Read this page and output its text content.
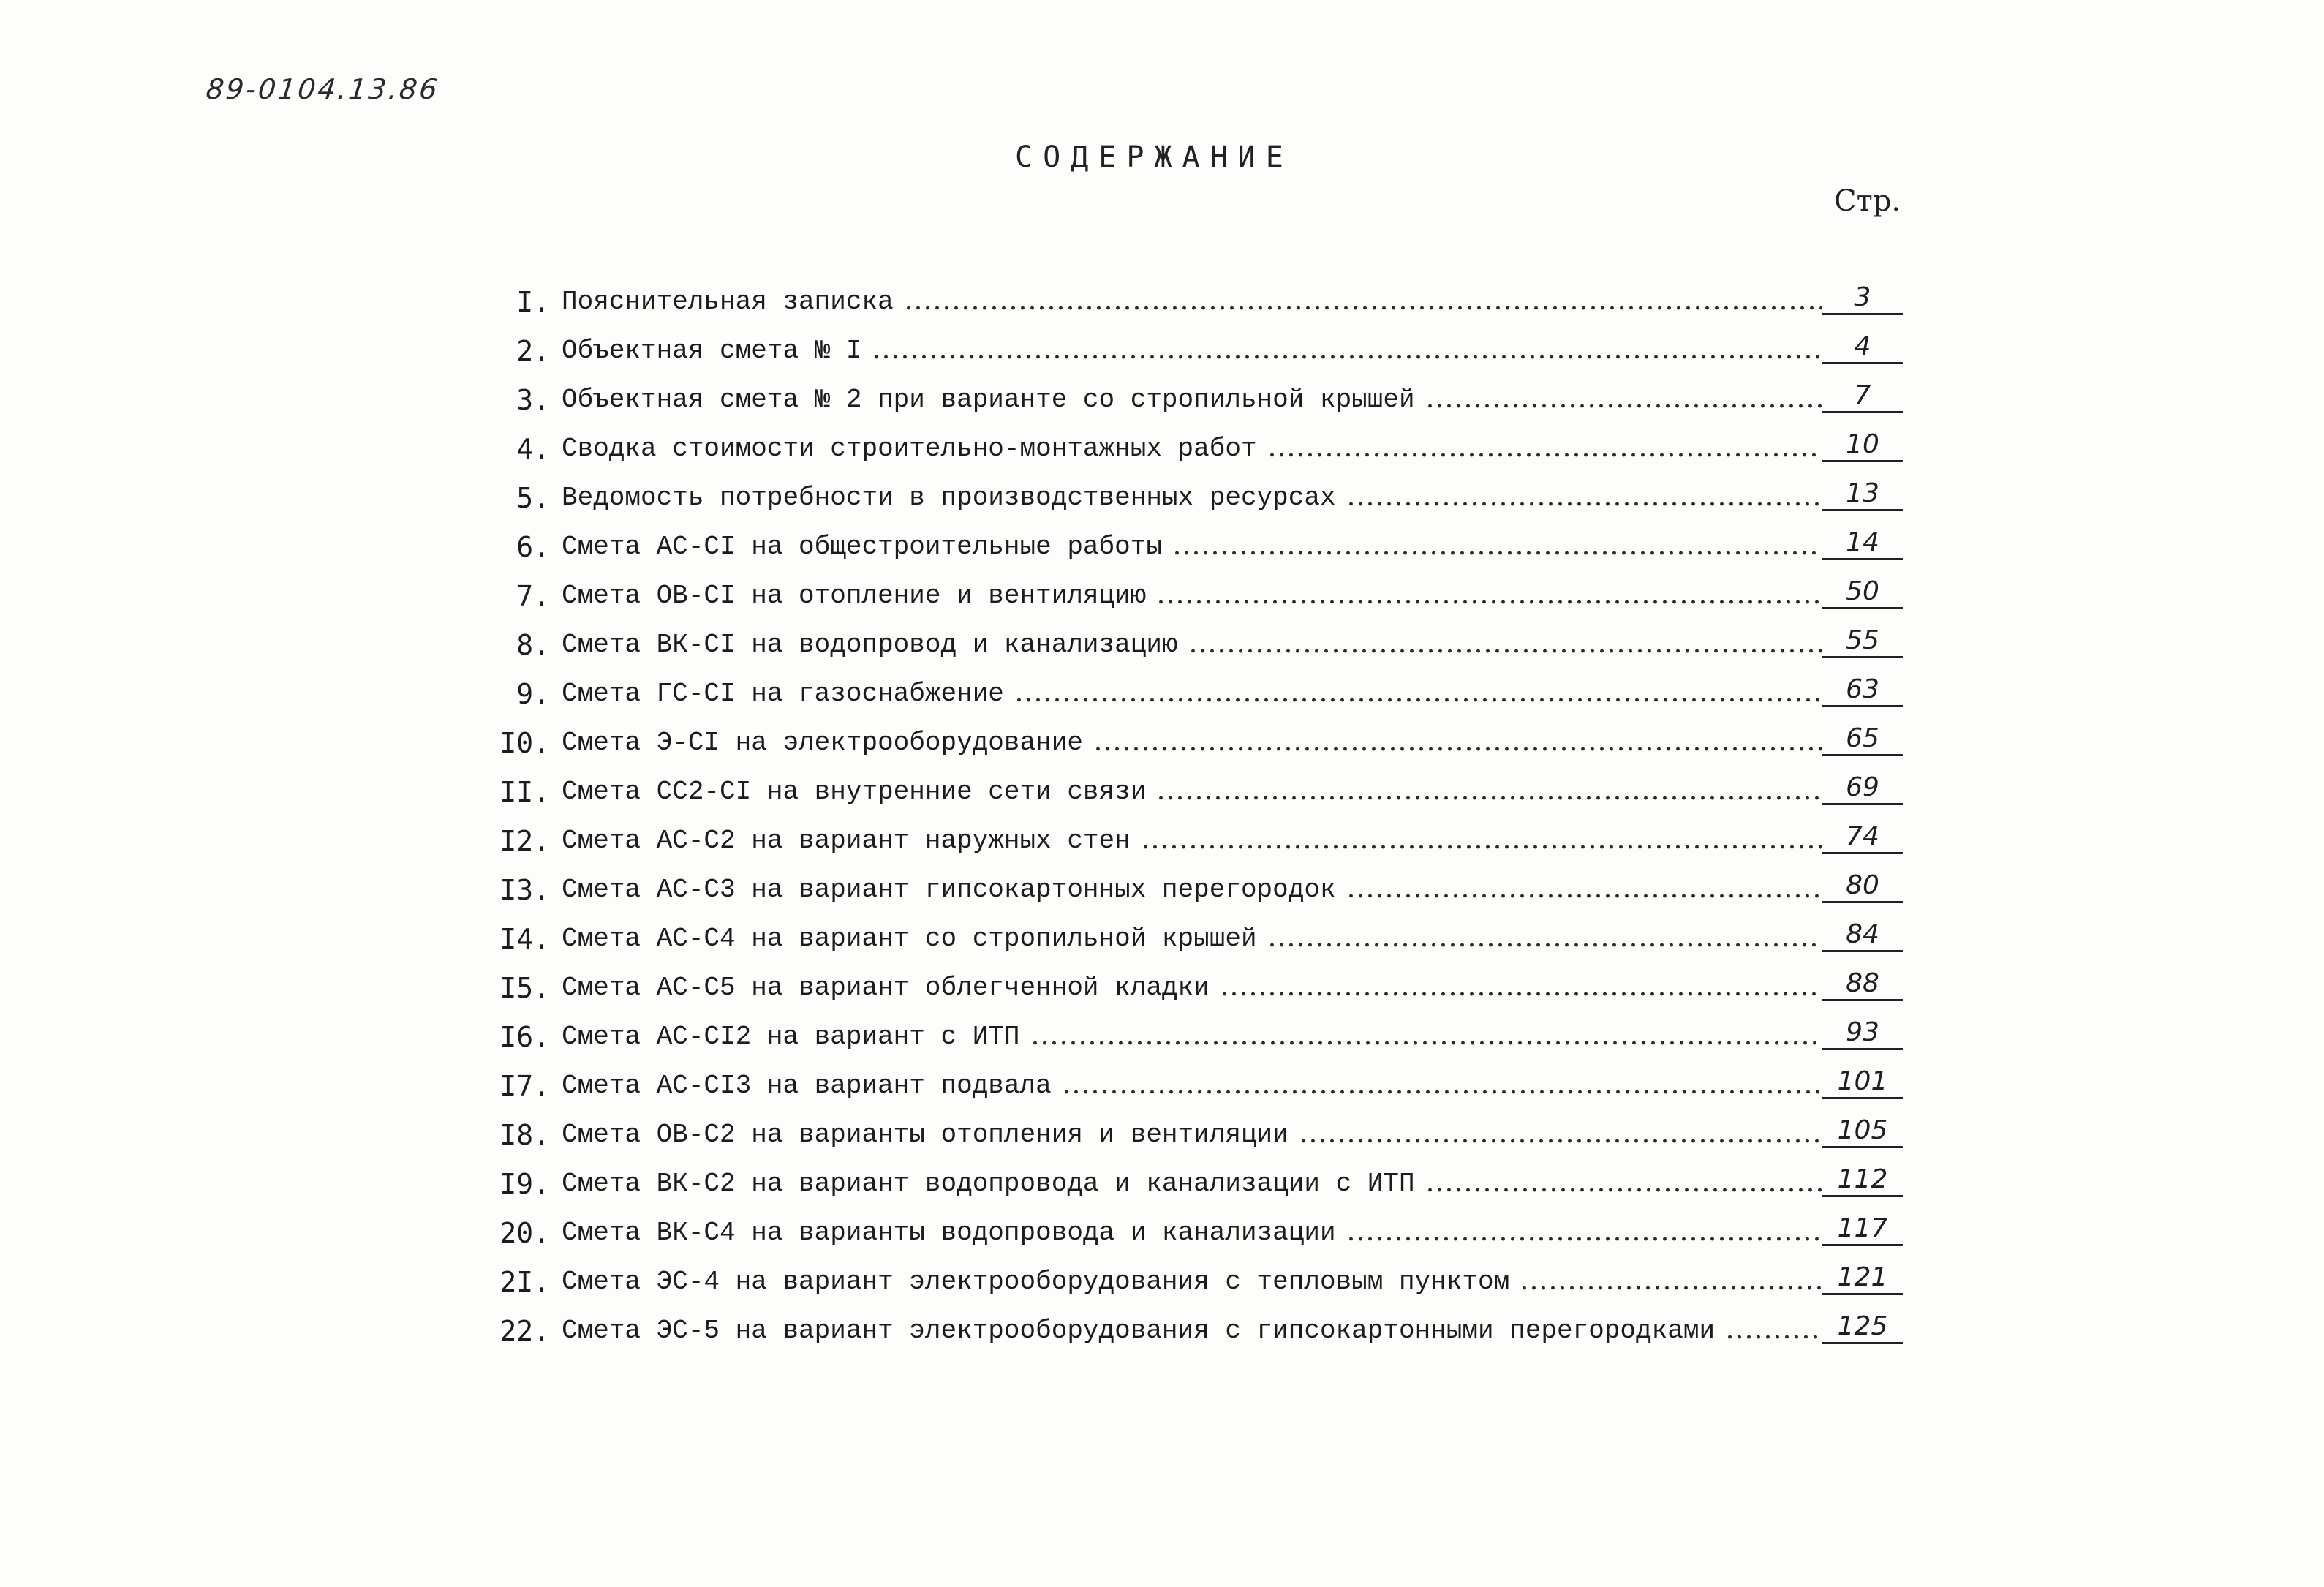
89-0104.13.86
СОДЕРЖАНИЕ
Стр.
I. Пояснительная записка	3
2. Объектная смета № I	4
3. Объектная смета № 2 при варианте со стропильной крышей	7
4. Сводка стоимости строительно-монтажных работ	10
5. Ведомость потребности в производственных ресурсах	13
6. Смета АС-СI на общестроительные работы	14
7. Смета ОВ-СI на отопление и вентиляцию	50
8. Смета ВК-СI на водопровод и канализацию	55
9. Смета ГС-СI на газоснабжение	63
I0. Смета Э-СI на электрооборудование	65
II. Смета СС2-СI на внутренние сети связи	69
I2. Смета АС-С2 на вариант наружных стен	74
I3. Смета АС-С3 на вариант гипсокартонных перегородок	80
I4. Смета АС-С4 на вариант со стропильной крышей	84
I5. Смета АС-С5 на вариант облегченной кладки	88
I6. Смета АС-СI2 на вариант с ИТП	93
I7. Смета АС-СI3 на вариант подвала	101
I8. Смета ОВ-С2 на варианты отопления и вентиляции	105
I9. Смета ВК-С2 на вариант водопровода и канализации с ИТП	112
20. Смета ВК-С4 на варианты водопровода и канализации	117
2I. Смета ЭС-4 на вариант электрооборудования с тепловым пунктом	121
22. Смета ЭС-5 на вариант электрооборудования с гипсокартонными перегородками	125
